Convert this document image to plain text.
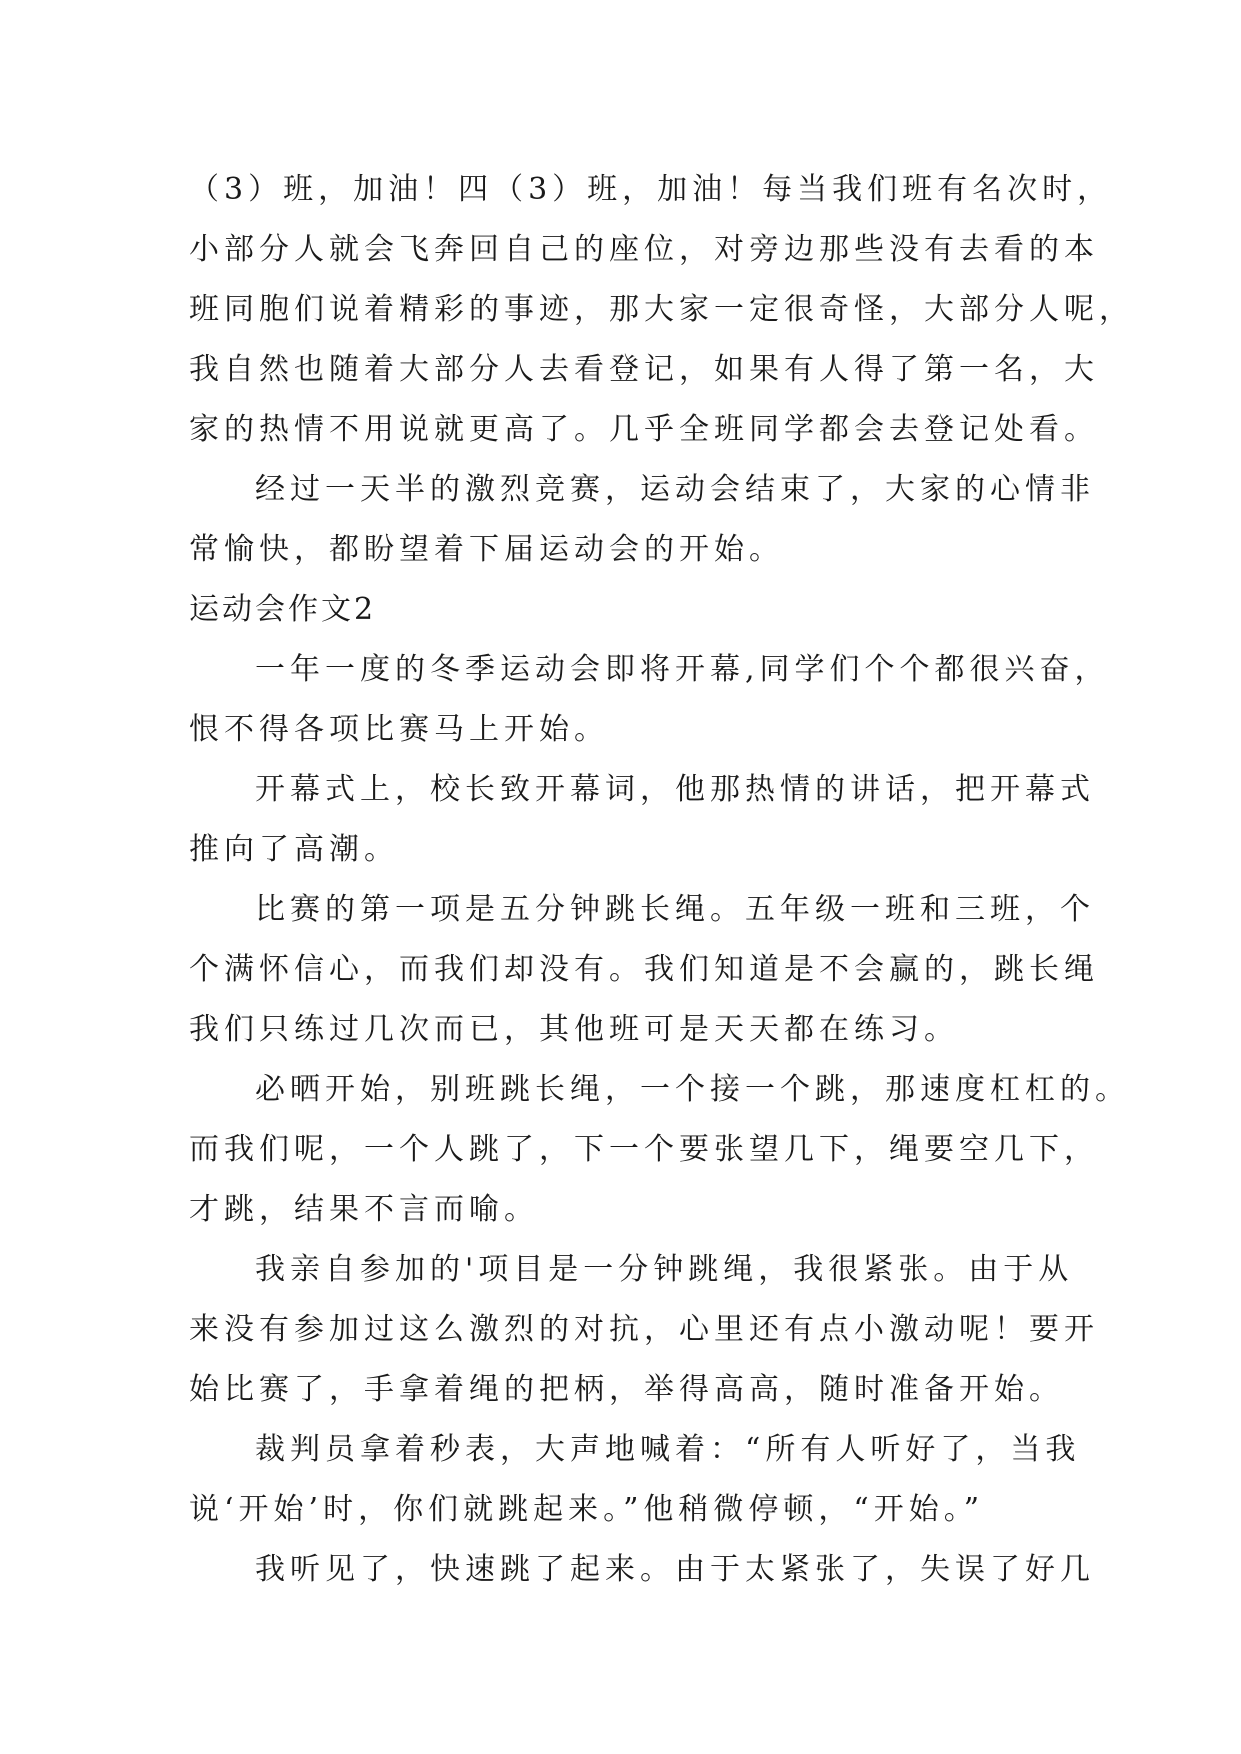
（3）班，加油！四（3）班，加油！每当我们班有名次时，
小部分人就会飞奔回自己的座位，对旁边那些没有去看的本
班同胞们说着精彩的事迹，那大家一定很奇怪，大部分人呢，
我自然也随着大部分人去看登记，如果有人得了第一名，大
家的热情不用说就更高了。几乎全班同学都会去登记处看。
经过一天半的激烈竞赛，运动会结束了，大家的心情非
常愉快，都盼望着下届运动会的开始。
运动会作文2
一年一度的冬季运动会即将开幕,同学们个个都很兴奋，
恨不得各项比赛马上开始。
开幕式上，校长致开幕词，他那热情的讲话，把开幕式
推向了高潮。
比赛的第一项是五分钟跳长绳。五年级一班和三班，个
个满怀信心，而我们却没有。我们知道是不会赢的，跳长绳
我们只练过几次而已，其他班可是天天都在练习。
必晒开始，别班跳长绳，一个接一个跳，那速度杠杠的。
而我们呢，一个人跳了，下一个要张望几下，绳要空几下，
才跳，结果不言而喻。
我亲自参加的'项目是一分钟跳绳，我很紧张。由于从
来没有参加过这么激烈的对抗，心里还有点小激动呢！要开
始比赛了，手拿着绳的把柄，举得高高，随时准备开始。
裁判员拿着秒表，大声地喊着：“所有人听好了，当我
说‘开始’时，你们就跳起来。”他稍微停顿，“开始。”
我听见了，快速跳了起来。由于太紧张了，失误了好几
